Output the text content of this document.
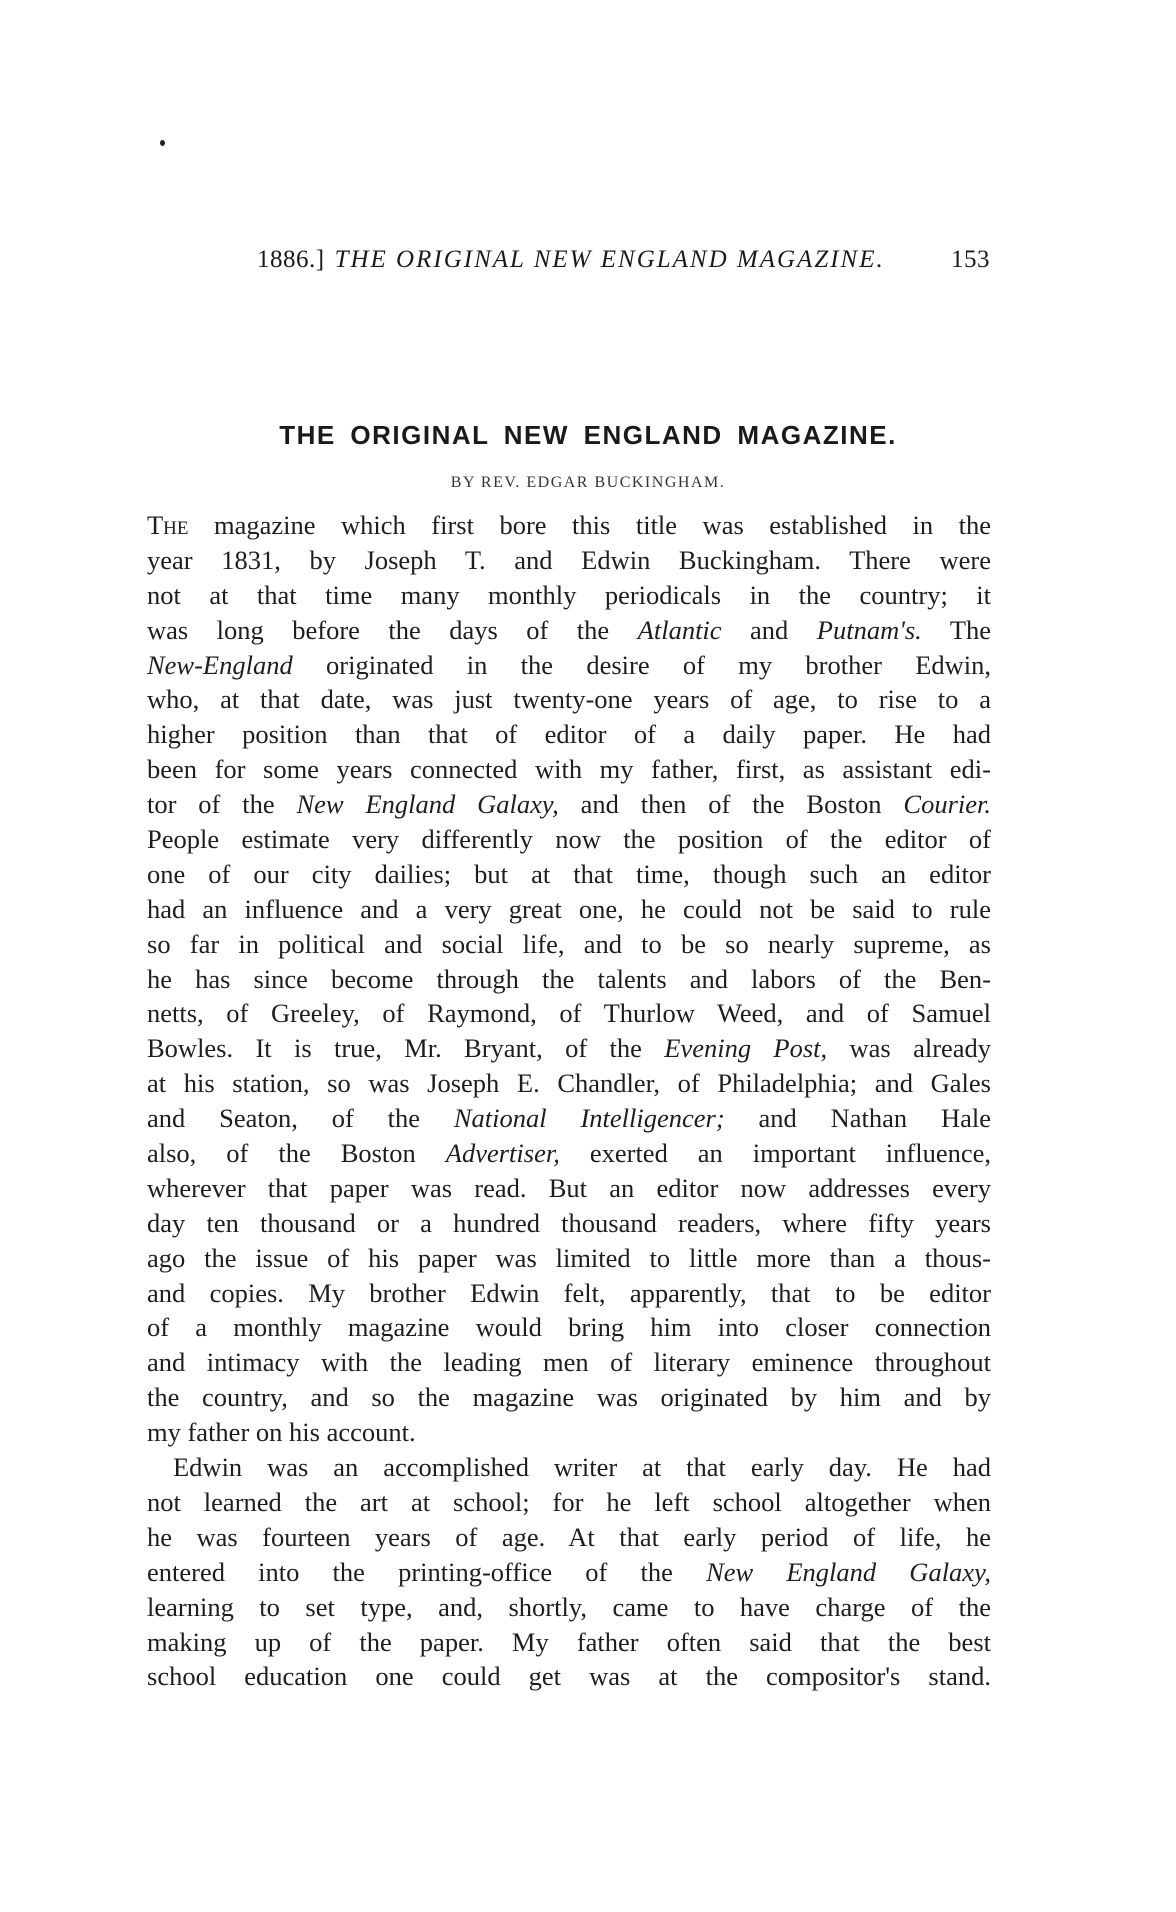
1886.] THE ORIGINAL NEW ENGLAND MAGAZINE.	153
THE ORIGINAL NEW ENGLAND MAGAZINE.
BY REV. EDGAR BUCKINGHAM.
The magazine which first bore this title was established in the
year 1831, by Joseph T. and Edwin Buckingham. There were
not at that time many monthly periodicals in the country; it
was long before the days of the Atlantic and Putnam's. The
New-England originated in the desire of my brother Edwin,
who, at that date, was just twenty-one years of age, to rise to a
higher position than that of editor of a daily paper. He had
been for some years connected with my father, first, as assistant edi-
tor of the New England Galaxy, and then of the Boston Courier.
People estimate very differently now the position of the editor of
one of our city dailies; but at that time, though such an editor
had an influence and a very great one, he could not be said to rule
so far in political and social life, and to be so nearly supreme, as
he has since become through the talents and labors of the Ben-
netts, of Greeley, of Raymond, of Thurlow Weed, and of Samuel
Bowles. It is true, Mr. Bryant, of the Evening Post, was already
at his station, so was Joseph E. Chandler, of Philadelphia; and Gales
and Seaton, of the National Intelligencer; and Nathan Hale
also, of the Boston Advertiser, exerted an important influence,
wherever that paper was read. But an editor now addresses every
day ten thousand or a hundred thousand readers, where fifty years
ago the issue of his paper was limited to little more than a thous-
and copies. My brother Edwin felt, apparently, that to be editor
of a monthly magazine would bring him into closer connection
and intimacy with the leading men of literary eminence throughout
the country, and so the magazine was originated by him and by
my father on his account.
Edwin was an accomplished writer at that early day. He had
not learned the art at school; for he left school altogether when
he was fourteen years of age. At that early period of life, he
entered into the printing-office of the New England Galaxy,
learning to set type, and, shortly, came to have charge of the
making up of the paper. My father often said that the best
school education one could get was at the compositor's stand.
